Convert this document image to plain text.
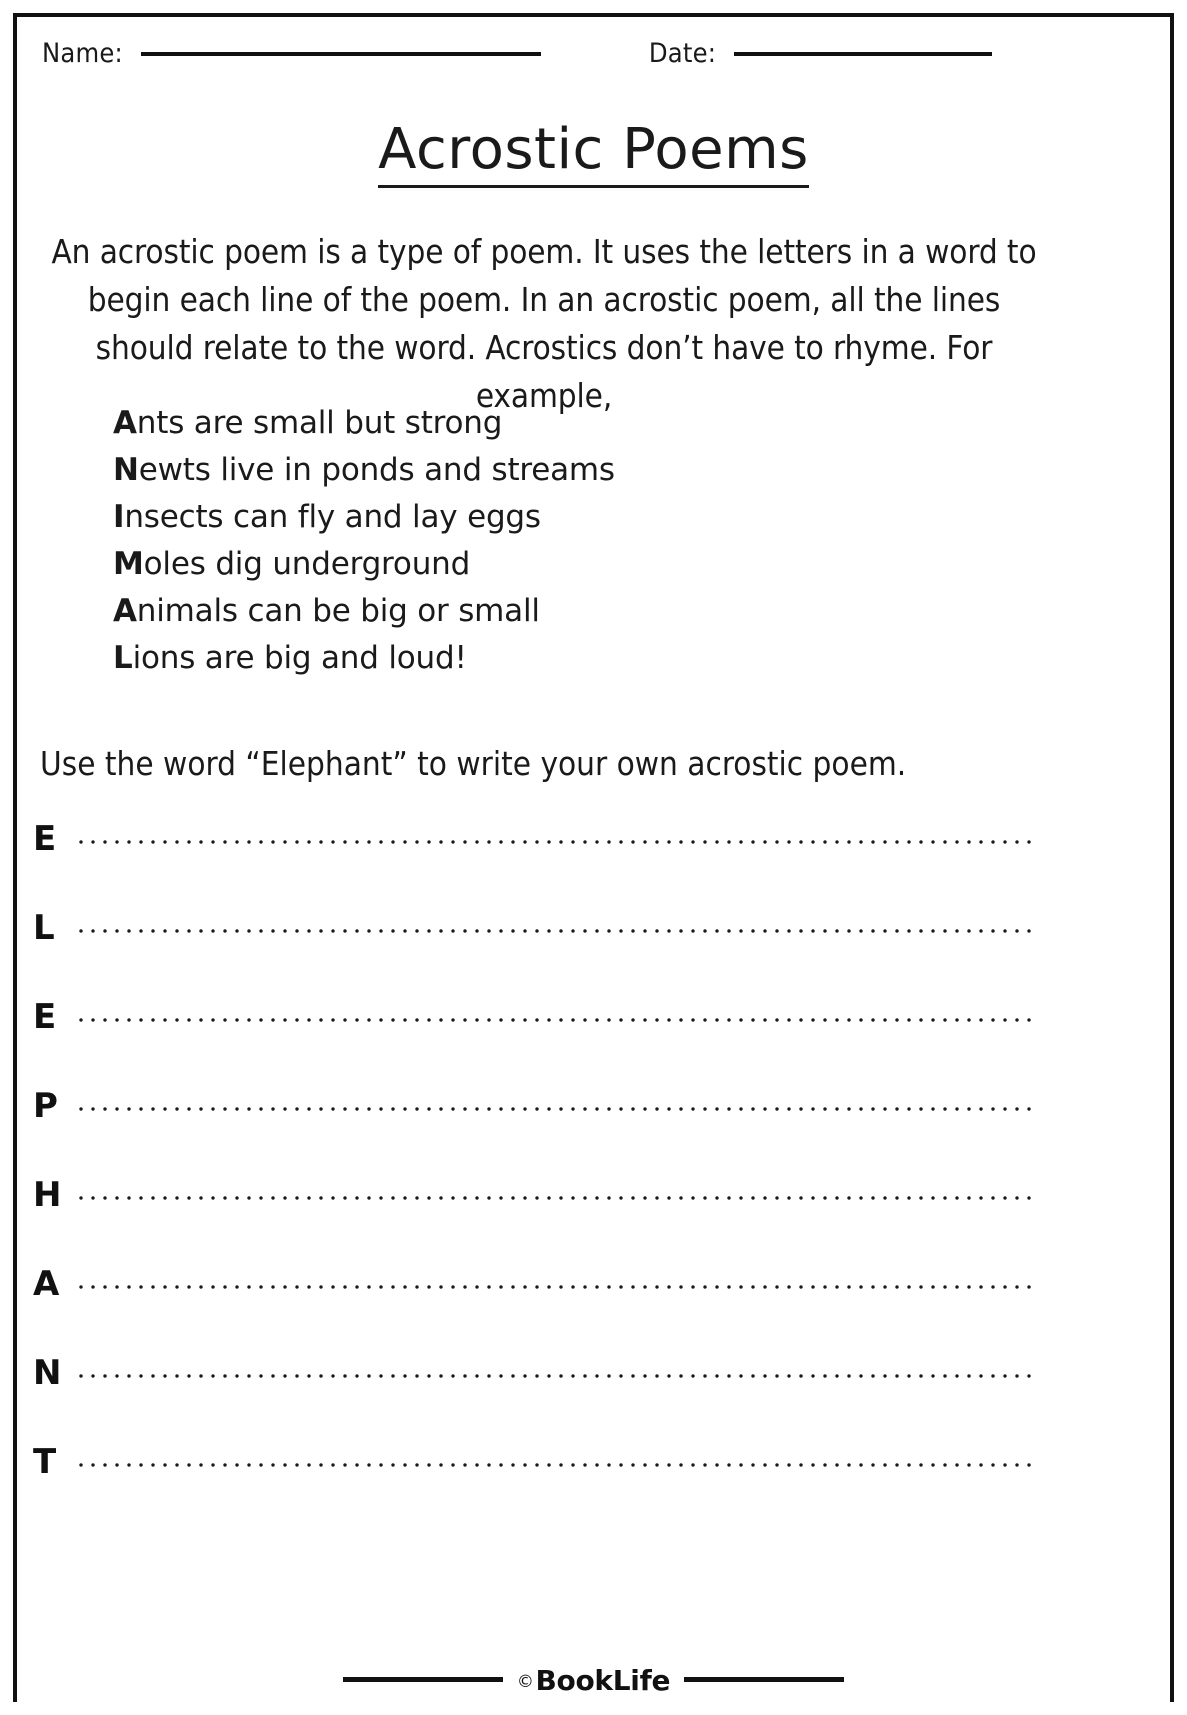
Name:	Date:
Acrostic Poems
An acrostic poem is a type of poem. It uses the letters in a word to begin each line of the poem. In an acrostic poem, all the lines should relate to the word. Acrostics don’t have to rhyme. For example,
Ants are small but strong
Newts live in ponds and streams
Insects can fly and lay eggs
Moles dig underground
Animals can be big or small
Lions are big and loud!
Use the word “Elephant” to write your own acrostic poem.
E
L
E
P
H
A
N
T
©BookLife
